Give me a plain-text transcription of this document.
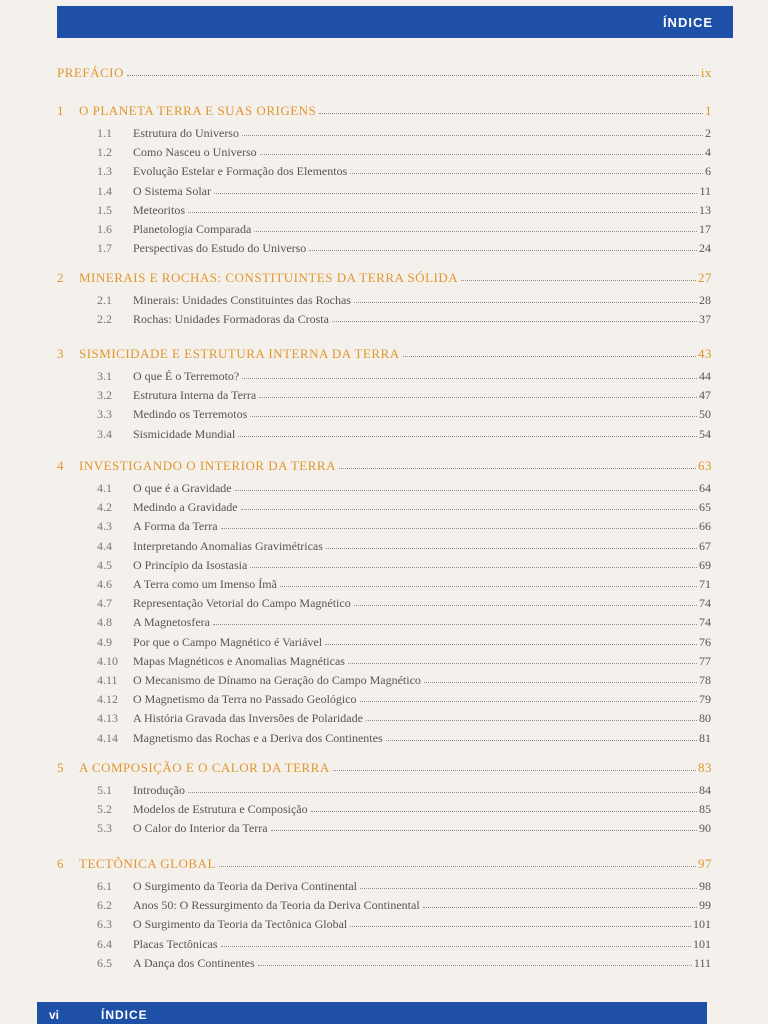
ÍNDICE
PREFÁCIO	ix
1	O PLANETA TERRA E SUAS ORIGENS	1
1.1	Estrutura do Universo	2
1.2	Como Nasceu o Universo	4
1.3	Evolução Estelar e Formação dos Elementos	6
1.4	O Sistema Solar	11
1.5	Meteoritos	13
1.6	Planetologia Comparada	17
1.7	Perspectivas do Estudo do Universo	24
2	MINERAIS E ROCHAS: CONSTITUINTES DA TERRA SÓLIDA	27
2.1	Minerais: Unidades Constituintes das Rochas	28
2.2	Rochas: Unidades Formadoras da Crosta	37
3	SISMICIDADE E ESTRUTURA INTERNA DA TERRA	43
3.1	O que É o Terremoto?	44
3.2	Estrutura Interna da Terra	47
3.3	Medindo os Terremotos	50
3.4	Sismicidade Mundial	54
4	INVESTIGANDO O INTERIOR DA TERRA	63
4.1	O que é a Gravidade	64
4.2	Medindo a Gravidade	65
4.3	A Forma da Terra	66
4.4	Interpretando Anomalias Gravimétricas	67
4.5	O Princípio da Isostasia	69
4.6	A Terra como um Imenso Ímã	71
4.7	Representação Vetorial do Campo Magnético	74
4.8	A Magnetosfera	74
4.9	Por que o Campo Magnético é Variável	76
4.10	Mapas Magnéticos e Anomalias Magnéticas	77
4.11	O Mecanismo de Dínamo na Geração do Campo Magnético	78
4.12	O Magnetismo da Terra no Passado Geológico	79
4.13	A História Gravada das Inversões de Polaridade	80
4.14	Magnetismo das Rochas e a Deriva dos Continentes	81
5	A COMPOSIÇÃO E O CALOR DA TERRA	83
5.1	Introdução	84
5.2	Modelos de Estrutura e Composição	85
5.3	O Calor do Interior da Terra	90
6	TECTÔNICA GLOBAL	97
6.1	O Surgimento da Teoria da Deriva Continental	98
6.2	Anos 50: O Ressurgimento da Teoria da Deriva Continental	99
6.3	O Surgimento da Teoria da Tectônica Global	101
6.4	Placas Tectônicas	101
6.5	A Dança dos Continentes	111
vi	ÍNDICE
